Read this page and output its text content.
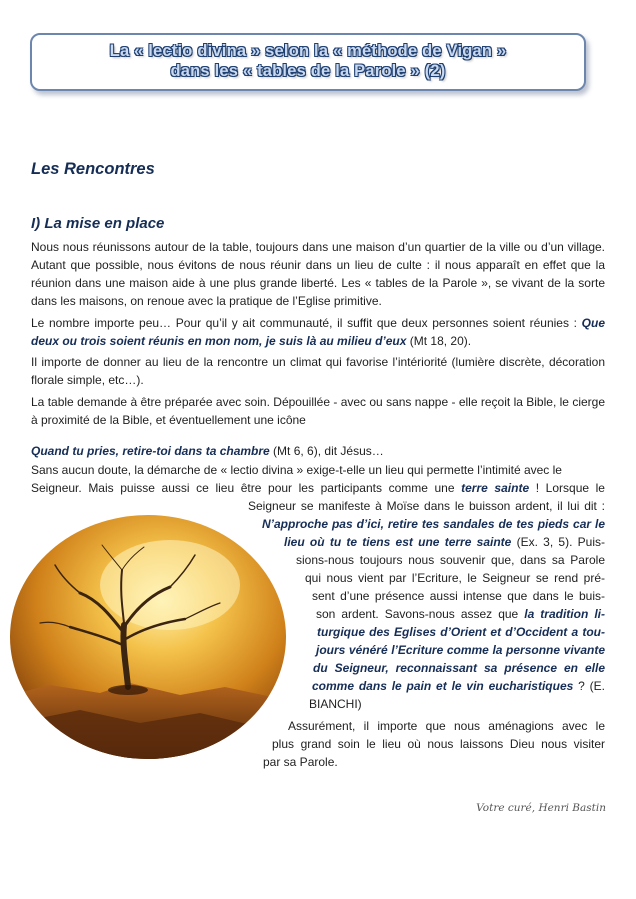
La « lectio divina » selon la « méthode de Vigan »
dans les « tables de la Parole » (2)
Les Rencontres
I) La mise en place

Nous nous réunissons autour de la table, toujours dans une maison d’un quartier de la ville ou d’un village. Autant que possible, nous évitons de nous réunir dans un lieu de culte : il nous apparaît en effet que la réunion dans une maison aide à une plus grande liberté. Les « tables de la Parole », se vivant de la sorte dans les maisons, on renoue avec la pratique de l’Eglise primitive.

Le nombre importe peu… Pour qu’il y ait communauté, il suffit que deux personnes soient réunies : Que deux ou trois soient réunis en mon nom, je suis là au milieu d’eux (Mt 18, 20).

Il importe de donner au lieu de la rencontre un climat qui favorise l’intériorité (lumière discrète, décoration florale simple, etc…).

La table demande à être préparée avec soin. Dépouillée - avec ou sans nappe - elle reçoit la Bible, le cierge à proximité de la Bible, et éventuellement une icône

Quand tu pries, retire-toi dans ta chambre (Mt 6, 6), dit Jésus…

Sans aucun doute, la démarche de « lectio divina » exige-t-elle un lieu qui permette l’intimité avec le
Seigneur. Mais puisse aussi ce lieu être pour les participants comme une terre sainte ! Lorsque le
Seigneur se manifeste à Moïse dans le buisson ardent, il lui dit :
N’approche pas d’ici, retire tes sandales de tes pieds car le
lieu où tu te tiens est une terre sainte (Ex. 3, 5). Puis-
sions-nous toujours nous souvenir que, dans sa Parole
qui nous vient par l’Ecriture, le Seigneur se rend pré-
sent d’une présence aussi intense que dans le buis-
son ardent. Savons-nous assez que la tradition li-
turgique des Eglises d’Orient et d’Occident a tou-
jours vénéré l’Ecriture comme la personne vivante
du Seigneur, reconnaissant sa présence en elle
comme dans le pain et le vin eucharistiques ? (E.
BIANCHI)
Assurément, il importe que nous aménagions avec le
plus grand soin le lieu où nous laissons Dieu nous visiter
par sa Parole.
Votre curé, Henri Bastin
